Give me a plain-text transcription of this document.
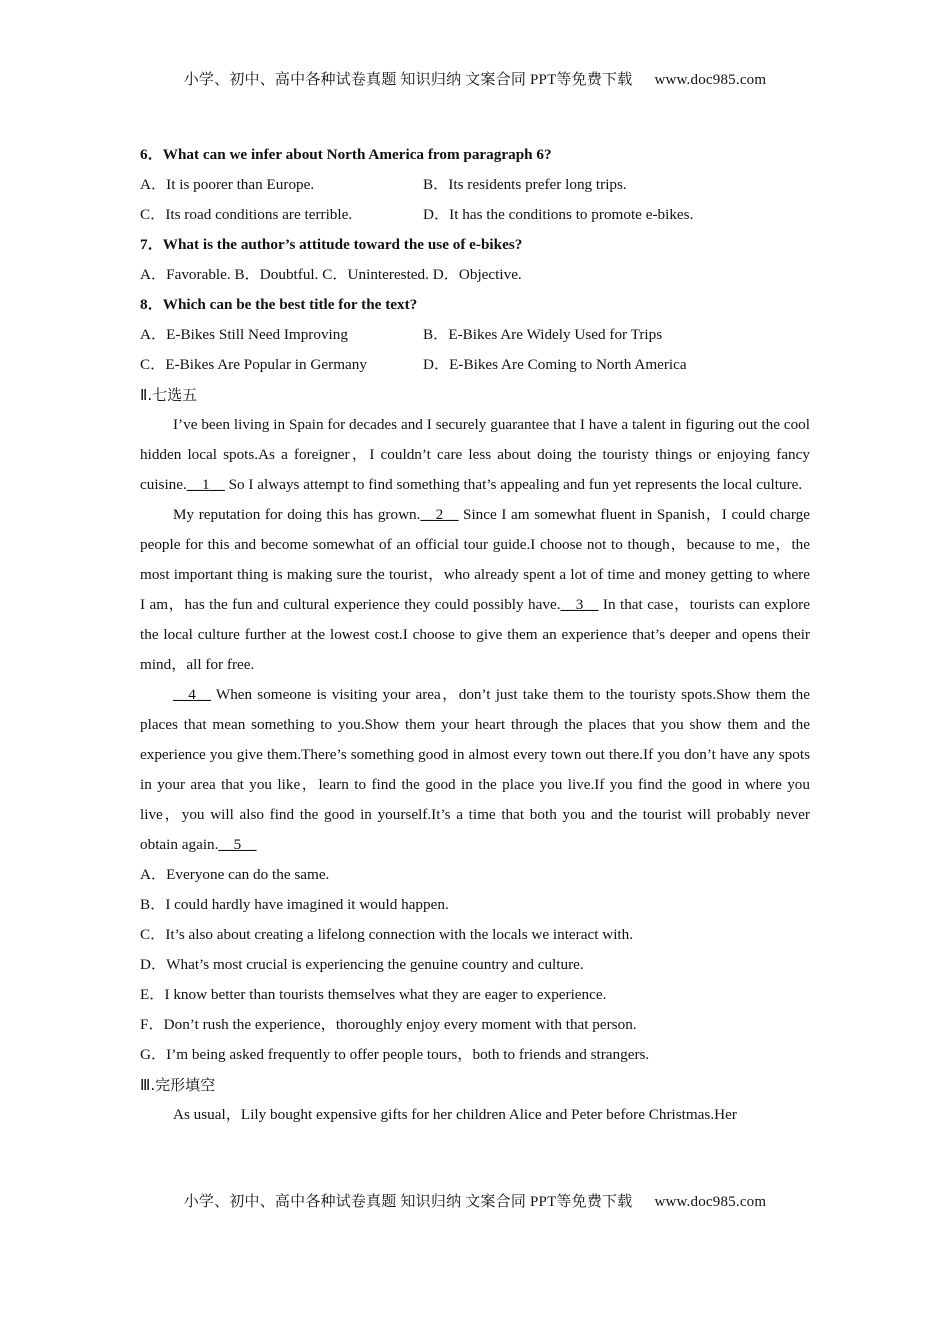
小学、初中、高中各种试卷真题 知识归纳 文案合同 PPT等免费下载 www.doc985.com
6．What can we infer about North America from paragraph 6?
A．It is poorer than Europe.	B．Its residents prefer long trips.
C．Its road conditions are terrible.	D．It has the conditions to promote e-bikes.
7．What is the author’s attitude toward the use of e-bikes?
A．Favorable. B．Doubtful. C．Uninterested. D．Objective.
8．Which can be the best title for the text?
A．E-Bikes Still Need Improving	B．E-Bikes Are Widely Used for Trips
C．E-Bikes Are Popular in Germany	D．E-Bikes Are Coming to North America
Ⅱ.七选五

I’ve been living in Spain for decades and I securely guarantee that I have a talent in figuring out the cool hidden local spots.As a foreigner，I couldn’t care less about doing the touristy things or enjoying fancy cuisine.__1__ So I always attempt to find something that’s appealing and fun yet represents the local culture.

My reputation for doing this has grown.__2__ Since I am somewhat fluent in Spanish，I could charge people for this and become somewhat of an official tour guide.I choose not to though，because to me，the most important thing is making sure the tourist，who already spent a lot of time and money getting to where I am，has the fun and cultural experience they could possibly have.__3__ In that case，tourists can explore the local culture further at the lowest cost.I choose to give them an experience that’s deeper and opens their mind，all for free.

__4__ When someone is visiting your area，don’t just take them to the touristy spots.Show them the places that mean something to you.Show them your heart through the places that you show them and the experience you give them.There’s something good in almost every town out there.If you don’t have any spots in your area that you like，learn to find the good in the place you live.If you find the good in where you live，you will also find the good in yourself.It’s a time that both you and the tourist will probably never obtain again.__5__

A．Everyone can do the same.
B．I could hardly have imagined it would happen.
C．It’s also about creating a lifelong connection with the locals we interact with.
D．What’s most crucial is experiencing the genuine country and culture.
E．I know better than tourists themselves what they are eager to experience.
F．Don’t rush the experience，thoroughly enjoy every moment with that person.
G．I’m being asked frequently to offer people tours，both to friends and strangers.
Ⅲ.完形填空

As usual，Lily bought expensive gifts for her children Alice and Peter before Christmas.Her

小学、初中、高中各种试卷真题 知识归纳 文案合同 PPT等免费下载 www.doc985.com
